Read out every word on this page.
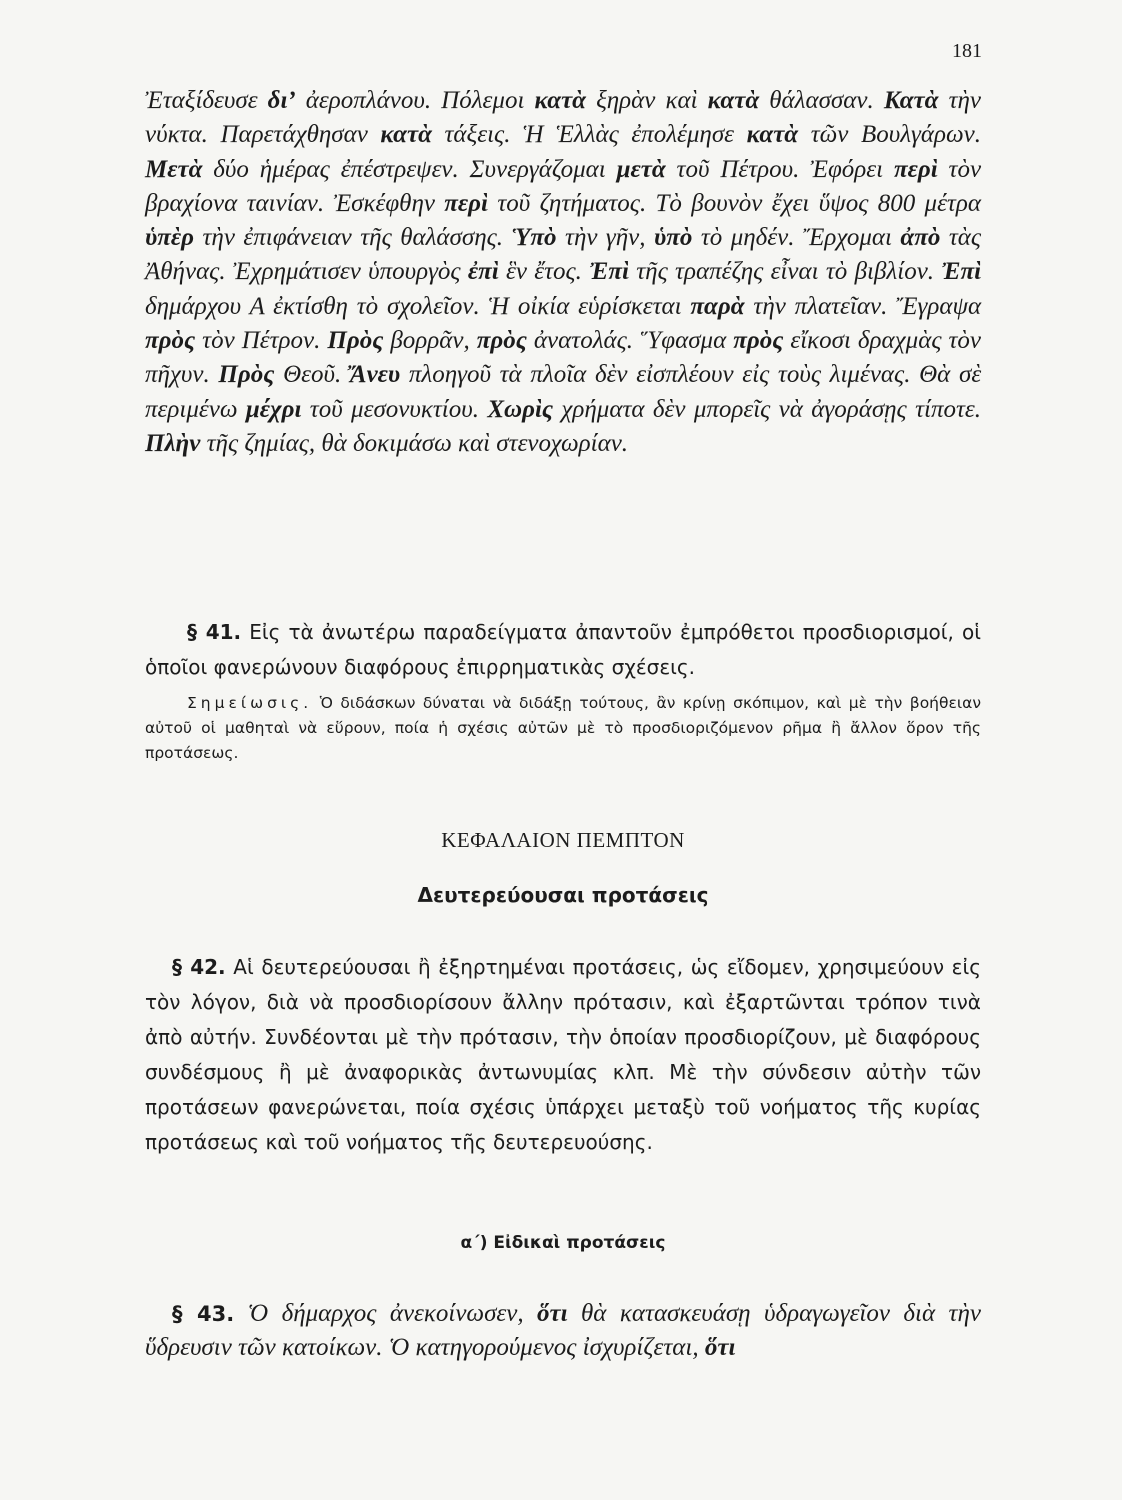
181

Ἐταξίδευσε δι’ ἀεροπλάνου. Πόλεμοι κατὰ ξηρὰν καὶ κατὰ θάλασσαν. Κατὰ τὴν νύκτα. Παρετάχθησαν κατὰ τάξεις. Ἡ Ἑλλὰς ἐπολέμησε κατὰ τῶν Βουλγάρων. Μετὰ δύο ἡμέρας ἐπέστρεψεν. Συνεργάζομαι μετὰ τοῦ Πέτρου. Ἐφόρει περὶ τὸν βραχίονα ταινίαν. Ἐσκέφθην περὶ τοῦ ζητήματος. Τὸ βουνὸν ἔχει ὕψος 800 μέτρα ὑπὲρ τὴν ἐπιφάνειαν τῆς θαλάσσης. Ὑπὸ τὴν γῆν, ὑπὸ τὸ μηδέν. Ἔρχομαι ἀπὸ τὰς Ἀθήνας. Ἐχρημάτισεν ὑπουργὸς ἐπὶ ἓν ἔτος. Ἐπὶ τῆς τραπέζης εἶναι τὸ βιβλίον. Ἐπὶ δημάρχου Α ἐκτίσθη τὸ σχολεῖον. Ἡ οἰκία εὑρίσκεται παρὰ τὴν πλατεῖαν. Ἔγραψα πρὸς τὸν Πέτρον. Πρὸς βορρᾶν, πρὸς ἀνατολάς. Ὕφασμα πρὸς εἴκοσι δραχμὰς τὸν πῆχυν. Πρὸς Θεοῦ. Ἄνευ πλοηγοῦ τὰ πλοῖα δὲν εἰσπλέουν εἰς τοὺς λιμένας. Θὰ σὲ περιμένω μέχρι τοῦ μεσονυκτίου. Χωρὶς χρήματα δὲν μπορεῖς νὰ ἀγοράσῃς τίποτε. Πλὴν τῆς ζημίας, θὰ δοκιμάσω καὶ στενοχωρίαν.

§ 41. Εἰς τὰ ἀνωτέρω παραδείγματα ἀπαντοῦν ἐμπρόθετοι προσδιορισμοί, οἱ ὁποῖοι φανερώνουν διαφόρους ἐπιρρηματικὰς σχέσεις.

Σημείωσις. Ὁ διδάσκων δύναται νὰ διδάξῃ τούτους, ἂν κρίνῃ σκόπιμον, καὶ μὲ τὴν βοήθειαν αὐτοῦ οἱ μαθηταὶ νὰ εὕρουν, ποία ἡ σχέσις αὐτῶν μὲ τὸ προσδιοριζόμενον ρῆμα ἢ ἄλλον ὅρον τῆς προτάσεως.

ΚΕΦΑΛΑΙΟΝ ΠΕΜΠΤΟΝ

Δευτερεύουσαι προτάσεις

§ 42. Αἱ δευτερεύουσαι ἢ ἐξηρτημέναι προτάσεις, ὡς εἴδομεν, χρησιμεύουν εἰς τὸν λόγον, διὰ νὰ προσδιορίσουν ἄλλην πρότασιν, καὶ ἐξαρτῶνται τρόπον τινὰ ἀπὸ αὐτήν. Συνδέονται μὲ τὴν πρότασιν, τὴν ὁποίαν προσδιορίζουν, μὲ διαφόρους συνδέσμους ἢ μὲ ἀναφορικὰς ἀντωνυμίας κλπ. Μὲ τὴν σύνδεσιν αὐτὴν τῶν προτάσεων φανερώνεται, ποία σχέσις ὑπάρχει μεταξὺ τοῦ νοήματος τῆς κυρίας προτάσεως καὶ τοῦ νοήματος τῆς δευτερευούσης.

α΄) Εἰδικαὶ προτάσεις

§ 43. Ὁ δήμαρχος ἀνεκοίνωσεν, ὅτι θὰ κατασκευάσῃ ὑδραγωγεῖον διὰ τὴν ὕδρευσιν τῶν κατοίκων. Ὁ κατηγορούμενος ἰσχυρίζεται, ὅτι
